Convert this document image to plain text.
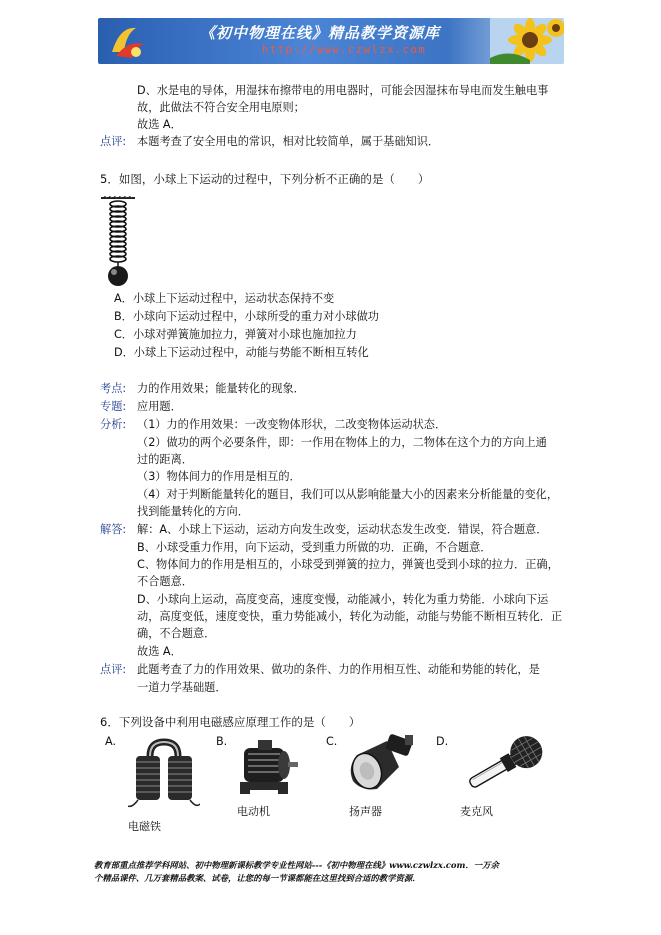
《初中物理在线》精品教学资源库
http://www.czwlzx.com
D、水是电的导体，用湿抹布擦带电的用电器时，可能会因湿抹布导电而发生触电事
故，此做法不符合安全用电原则；
故选 A．
点评: 本题考查了安全用电的常识，相对比较简单，属于基础知识．
5．如图，小球上下运动的过程中，下列分析不正确的是（　　）
A．小球上下运动过程中，运动状态保持不变
B．小球向下运动过程中，小球所受的重力对小球做功
C．小球对弹簧施加拉力，弹簧对小球也施加拉力
D．小球上下运动过程中，动能与势能不断相互转化
考点: 力的作用效果；能量转化的现象．
专题: 应用题．
分析: （1）力的作用效果：一改变物体形状，二改变物体运动状态．
（2）做功的两个必要条件，即：一作用在物体上的力，二物体在这个力的方向上通
过的距离．
（3）物体间力的作用是相互的．
（4）对于判断能量转化的题目，我们可以从影响能量大小的因素来分析能量的变化，
找到能量转化的方向．
解答: 解：A、小球上下运动，运动方向发生改变，运动状态发生改变．错误，符合题意．
B、小球受重力作用，向下运动，受到重力所做的功．正确，不合题意．
C、物体间力的作用是相互的，小球受到弹簧的拉力，弹簧也受到小球的拉力．正确，
不合题意．
D、小球向上运动，高度变高，速度变慢，动能减小，转化为重力势能．小球向下运
动，高度变低，速度变快，重力势能减小，转化为动能，动能与势能不断相互转化．正
确，不合题意．
故选 A．
点评: 此题考查了力的作用效果、做功的条件、力的作用相互性、动能和势能的转化，是
一道力学基础题．
6．下列设备中利用电磁感应原理工作的是（　　）
A.	B.	C.	D.
电磁铁
电动机	扬声器	麦克风
教育部重点推荐学科网站、初中物理新课标教学专业性网站---《初中物理在线》www.czwlzx.com．一万余
个精品课件、几万套精品教案、试卷，让您的每一节课都能在这里找到合适的教学资源．
